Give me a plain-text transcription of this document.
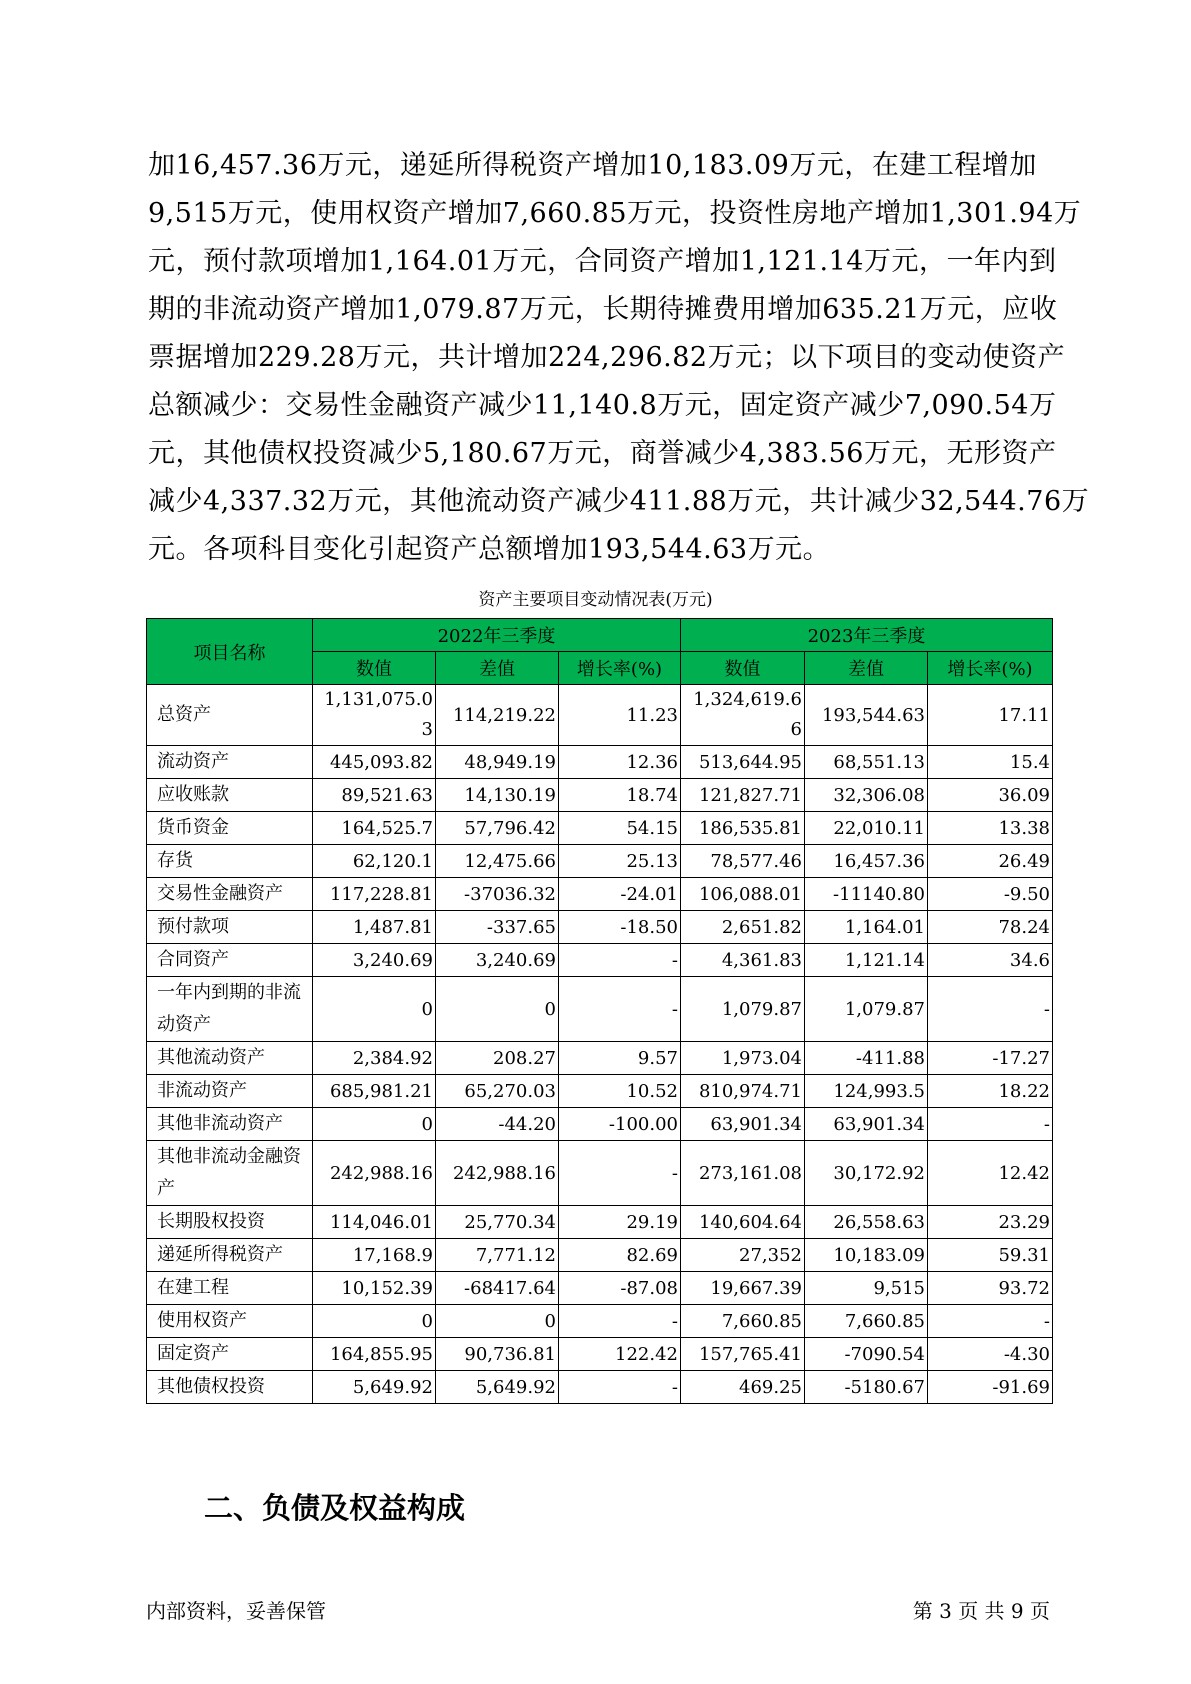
加16,457.36万元，递延所得税资产增加10,183.09万元，在建工程增加
9,515万元，使用权资产增加7,660.85万元，投资性房地产增加1,301.94万
元，预付款项增加1,164.01万元，合同资产增加1,121.14万元，一年内到
期的非流动资产增加1,079.87万元，长期待摊费用增加635.21万元，应收
票据增加229.28万元，共计增加224,296.82万元；以下项目的变动使资产
总额减少：交易性金融资产减少11,140.8万元，固定资产减少7,090.54万
元，其他债权投资减少5,180.67万元，商誉减少4,383.56万元，无形资产
减少4,337.32万元，其他流动资产减少411.88万元，共计减少32,544.76万
元。各项科目变化引起资产总额增加193,544.63万元。
资产主要项目变动情况表(万元)
项目名称	2022年三季度			2023年三季度		
	数值	差值	增长率(%)	数值	差值	增长率(%)
总资产	1,131,075.03	114,219.22	11.23	1,324,619.66	193,544.63	17.11
流动资产	445,093.82	48,949.19	12.36	513,644.95	68,551.13	15.4
应收账款	89,521.63	14,130.19	18.74	121,827.71	32,306.08	36.09
货币资金	164,525.7	57,796.42	54.15	186,535.81	22,010.11	13.38
存货	62,120.1	12,475.66	25.13	78,577.46	16,457.36	26.49
交易性金融资产	117,228.81	-37036.32	-24.01	106,088.01	-11140.80	-9.50
预付款项	1,487.81	-337.65	-18.50	2,651.82	1,164.01	78.24
合同资产	3,240.69	3,240.69	-	4,361.83	1,121.14	34.6
一年内到期的非流动资产	0	0	-	1,079.87	1,079.87	-
其他流动资产	2,384.92	208.27	9.57	1,973.04	-411.88	-17.27
非流动资产	685,981.21	65,270.03	10.52	810,974.71	124,993.5	18.22
其他非流动资产	0	-44.20	-100.00	63,901.34	63,901.34	-
其他非流动金融资产	242,988.16	242,988.16	-	273,161.08	30,172.92	12.42
长期股权投资	114,046.01	25,770.34	29.19	140,604.64	26,558.63	23.29
递延所得税资产	17,168.9	7,771.12	82.69	27,352	10,183.09	59.31
在建工程	10,152.39	-68417.64	-87.08	19,667.39	9,515	93.72
使用权资产	0	0	-	7,660.85	7,660.85	-
固定资产	164,855.95	90,736.81	122.42	157,765.41	-7090.54	-4.30
其他债权投资	5,649.92	5,649.92	-	469.25	-5180.67	-91.69
二、负债及权益构成
内部资料，妥善保管	第 3 页 共 9 页
